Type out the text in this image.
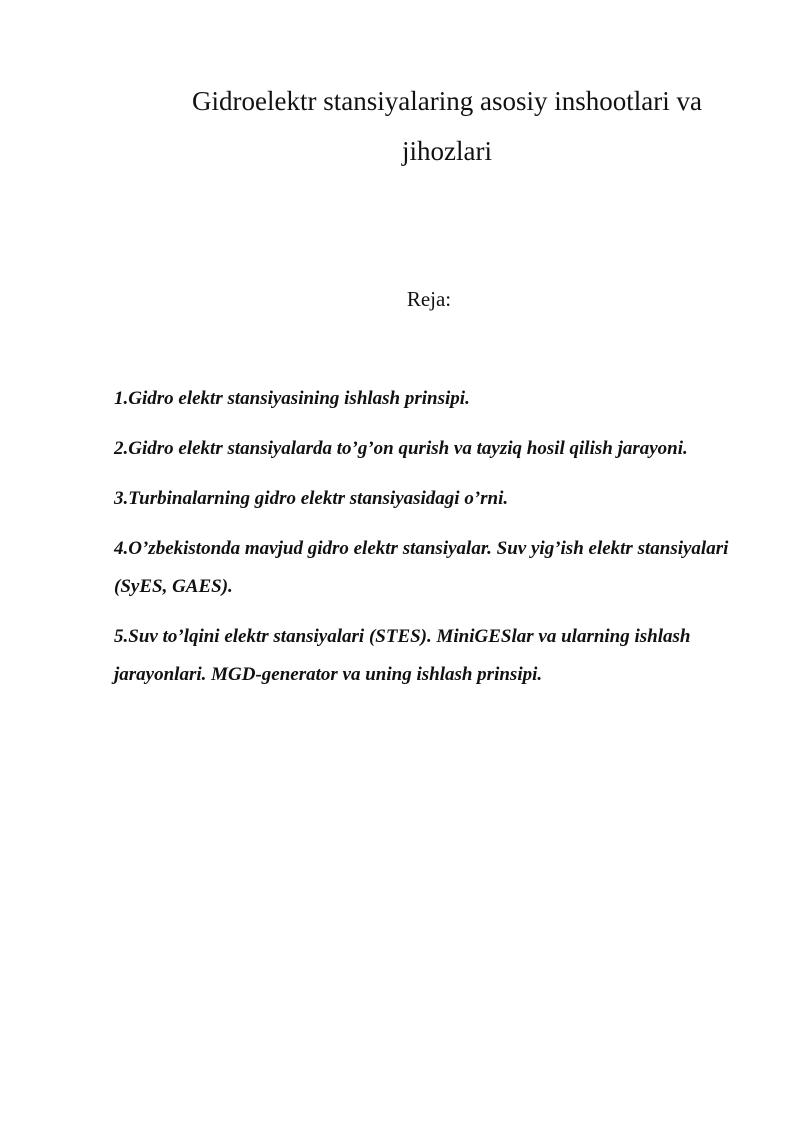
Gidroelektr stansiyalaring asosiy inshootlari va
jihozlari
Reja:
1.Gidro elektr stansiyasining ishlash prinsipi.
2.Gidro elektr stansiyalarda to’g’on qurish va tayziq hosil qilish jarayoni.
3.Turbinalarning gidro elektr stansiyasidagi o’rni.
4.O’zbekistonda mavjud gidro elektr stansiyalar. Suv yig’ish elektr stansiyalari (SyES, GAES).
5.Suv to’lqini elektr stansiyalari (STES). MiniGESlar va ularning ishlash jarayonlari. MGD-generator va uning ishlash prinsipi.
